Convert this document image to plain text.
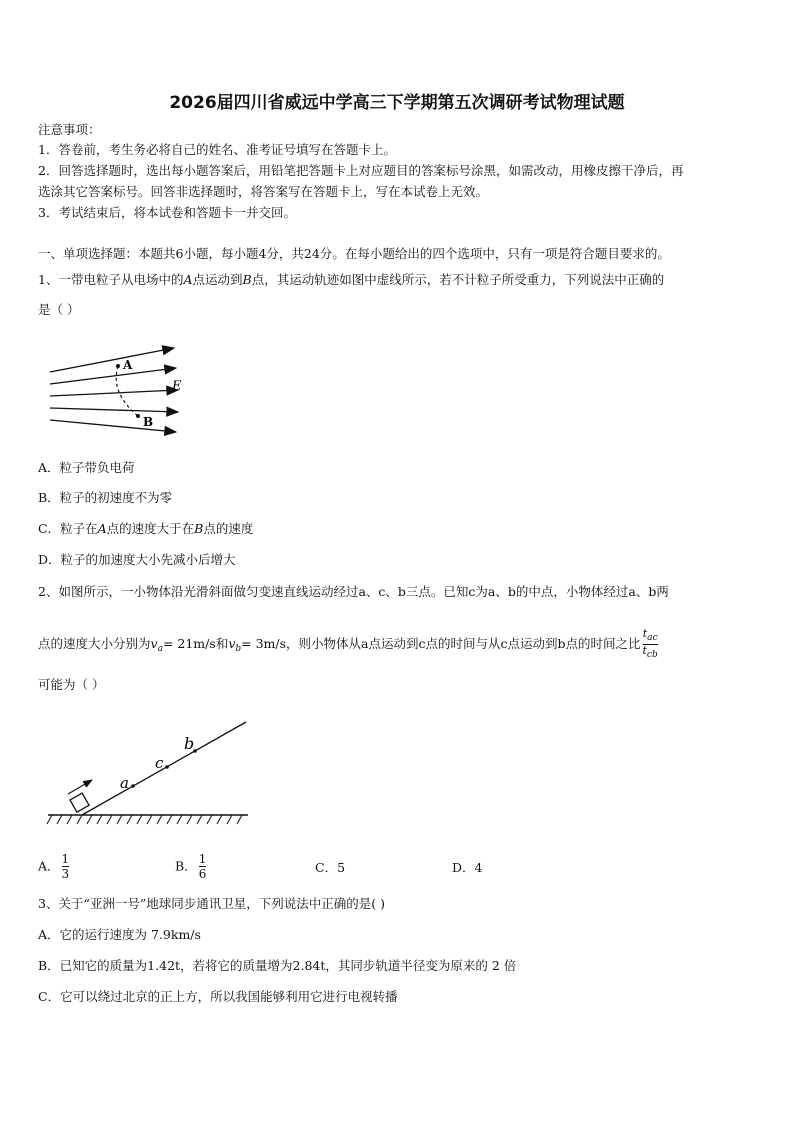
2026届四川省威远中学高三下学期第五次调研考试物理试题
注意事项：
1．答卷前，考生务必将自己的姓名、准考证号填写在答题卡上。
2．回答选择题时，选出每小题答案后，用铅笔把答题卡上对应题目的答案标号涂黑，如需改动，用橡皮擦干净后，再
选涂其它答案标号。回答非选择题时，将答案写在答题卡上，写在本试卷上无效。
3．考试结束后，将本试卷和答题卡一并交回。
一、单项选择题：本题共6小题，每小题4分，共24分。在每小题给出的四个选项中，只有一项是符合题目要求的。
1、一带电粒子从电场中的A点运动到B点，其运动轨迹如图中虚线所示，若不计粒子所受重力，下列说法中正确的
是（ ）
A
B
E
A．粒子带负电荷
B．粒子的初速度不为零
C．粒子在A点的速度大于在B点的速度
D．粒子的加速度大小先减小后增大
2、如图所示，一小物体沿光滑斜面做匀变速直线运动经过a、c、b三点。已知c为a、b的中点，小物体经过a、b两
点的速度大小分别为$v_a= 21m/s$和$v_b= 3m/s$，则小物体从a点运动到c点的时间与从c点运动到b点的时间之比 $\frac{t_{ac}}{t_{cb}}$
可能为（ ）
a
c
b
A． $\frac{1}{3}$	B． $\frac{1}{6}$	C．5	D．4
3、关于“亚洲一号”地球同步通讯卫星，下列说法中正确的是( )
A．它的运行速度为 7.9km/s
B．已知它的质量为1.42t，若将它的质量增为2.84t，其同步轨道半径变为原来的 2 倍
C．它可以绕过北京的正上方，所以我国能够利用它进行电视转播
